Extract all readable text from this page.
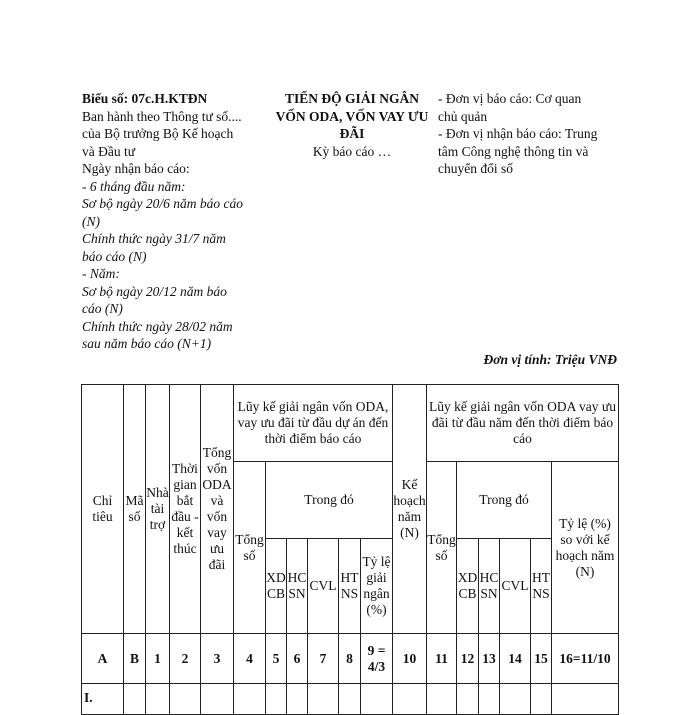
Biểu số: 07c.H.KTĐN
Ban hành theo Thông tư số....
của Bộ trưởng Bộ Kế hoạch
và Đầu tư
Ngày nhận báo cáo:
- 6 tháng đầu năm:
Sơ bộ ngày 20/6 năm báo cáo
(N)
Chính thức ngày 31/7 năm
báo cáo (N)
- Năm:
Sơ bộ ngày 20/12 năm báo
cáo (N)
Chính thức ngày 28/02 năm
sau năm báo cáo (N+1)
TIẾN ĐỘ GIẢI NGÂN
VỐN ODA, VỐN VAY ƯU
ĐÃI
Kỳ báo cáo …
- Đơn vị báo cáo: Cơ quan
chủ quản
- Đơn vị nhận báo cáo: Trung
tâm Công nghệ thông tin và
chuyển đổi số
Đơn vị tính: Triệu VNĐ
Chỉ tiêu	Mã số	Nhà tài trợ	Thời gian bắt đầu - kết thúc	Tổng vốn ODA và vốn vay ưu đãi	Lũy kế giải ngân vốn ODA, vay ưu đãi từ đầu dự án đến thời điểm báo cáo						Kế hoạch năm (N)	Lũy kế giải ngân vốn ODA vay ưu đãi từ đầu năm đến thời điểm báo cáo					
					Tổng số	Trong đó						Tổng số	Trong đó				Tỷ lệ (%) so với kế hoạch năm (N)
						XD CB	HC SN	CVL	HT NS	Tỷ lệ giải ngân (%)			XD CB	HC SN	CVL	HT NS	
A	B	1	2	3	4	5	6	7	8	9 = 4/3	10	11	12	13	14	15	16=11/10
I.																	
